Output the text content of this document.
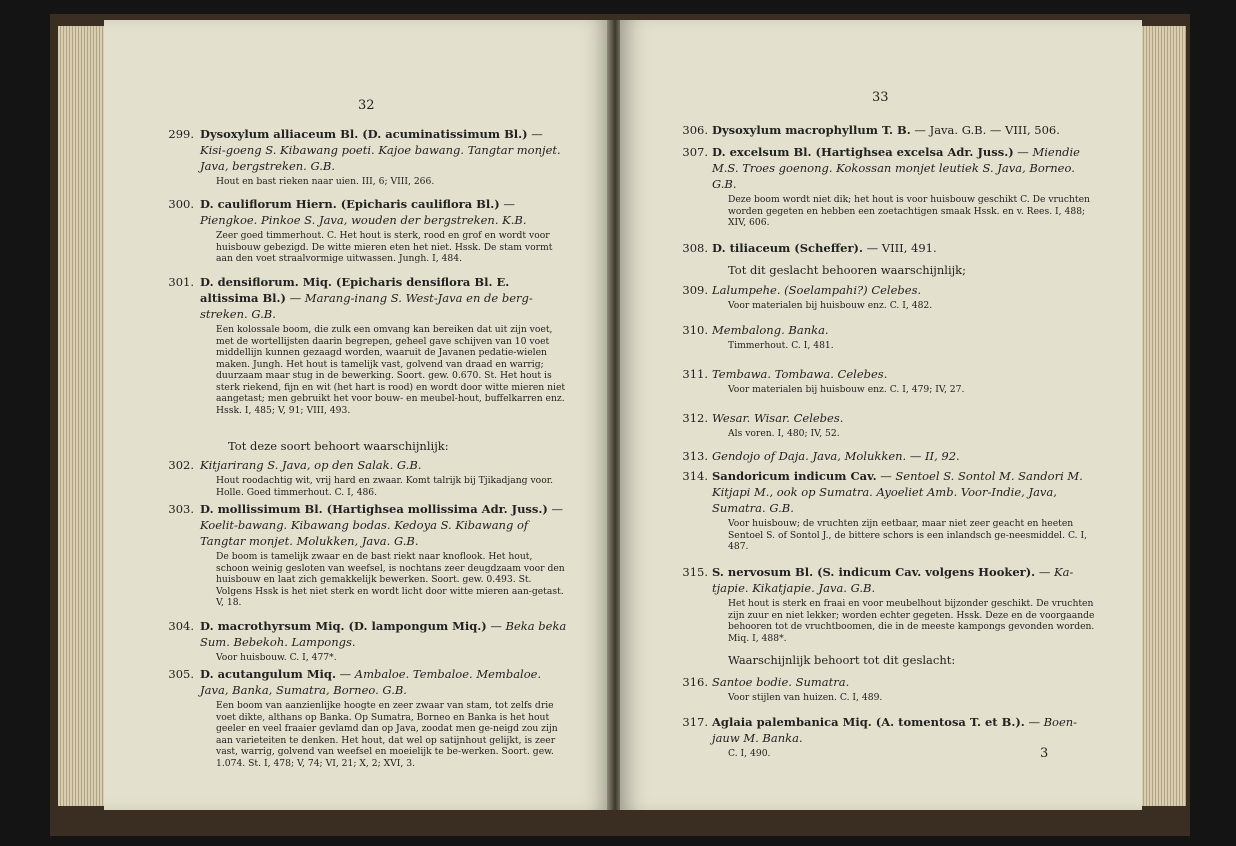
32
299. Dysoxylum alliaceum Bl. (D. acuminatissimum Bl.) — Kisi-goeng S. Kibawang poeti. Kajoe bawang. Tangtar monjet. Java, bergstreken. G.B.
Hout en bast rieken naar uien. III, 6; VIII, 266.
300. D. cauliflorum Hiern. (Epicharis cauliflora Bl.) — Piengkoe. Pinkoe S. Java, wouden der bergstreken. K.B.
Zeer goed timmerhout. C. Het hout is sterk, rood en grof en wordt voor huisbouw gebezigd. De witte mieren eten het niet. Hssk. De stam vormt aan den voet straalvormige uitwassen. Jungh. I, 484.
301. D. densiflorum. Miq. (Epicharis densiflora Bl. E. altissima Bl.) — Marang-inang S. West-Java en de berg-streken. G.B.
Een kolossale boom, die zulk een omvang kan bereiken dat uit zijn voet, met de wortellijsten daarin begrepen, geheel gave schijven van 10 voet middellijn kunnen gezaagd worden, waaruit de Javanen pedatie-wielen maken. Jungh. Het hout is tamelijk vast, golvend van draad en warrig; duurzaam maar stug in de bewerking. Soort. gew. 0.670. St. Het hout is sterk riekend, fijn en wit (het hart is rood) en wordt door witte mieren niet aangetast; men gebruikt het voor bouw- en meubel-hout, buffelkarren enz. Hssk. I, 485; V, 91; VIII, 493.
Tot deze soort behoort waarschijnlijk:
302. Kitjarirang S. Java, op den Salak. G.B.
Hout roodachtig wit, vrij hard en zwaar. Komt talrijk bij Tjikadjang voor. Holle. Goed timmerhout. C. I, 486.
303. D. mollissimum Bl. (Hartighsea mollissima Adr. Juss.) — Koelit-bawang. Kibawang bodas. Kedoya S. Kibawang of Tangtar monjet. Molukken, Java. G.B.
De boom is tamelijk zwaar en de bast riekt naar knoflook. Het hout, schoon weinig gesloten van weefsel, is nochtans zeer deugdzaam voor den huisbouw en laat zich gemakkelijk bewerken. Soort. gew. 0.493. St. Volgens Hssk is het niet sterk en wordt licht door witte mieren aan-getast. V, 18.
304. D. macrothyrsum Miq. (D. lampongum Miq.) — Beka beka Sum. Bebekoh. Lampongs.
Voor huisbouw. C. I, 477*.
305. D. acutangulum Miq. — Ambaloe. Tembaloe. Membaloe. Java, Banka, Sumatra, Borneo. G.B.
Een boom van aanzienlijke hoogte en zeer zwaar van stam, tot zelfs drie voet dikte, althans op Banka. Op Sumatra, Borneo en Banka is het hout geeler en veel fraaier gevlamd dan op Java, zoodat men ge-neigd zou zijn aan varieteiten te denken. Het hout, dat wel op satijnhout gelijkt, is zeer vast, warrig, golvend van weefsel en moeielijk te be-werken. Soort. gew. 1.074. St. I, 478; V, 74; VI, 21; X, 2; XVI, 3.
33
306. Dysoxylum macrophyllum T. B. — Java. G.B. — VIII, 506.
307. D. excelsum Bl. (Hartighsea excelsa Adr. Juss.) — Miendie M.S. Troes goenong. Kokossan monjet leutiek S. Java, Borneo. G.B.
Deze boom wordt niet dik; het hout is voor huisbouw geschikt C. De vruchten worden gegeten en hebben een zoetachtigen smaak Hssk. en v. Rees. I, 488; XIV, 606.
308. D. tiliaceum (Scheffer). — VIII, 491.
Tot dit geslacht behooren waarschijnlijk;
309. Lalumpehe. (Soelampahi?) Celebes.
Voor materialen bij huisbouw enz. C. I, 482.
310. Membalong. Banka.
Timmerhout. C. I, 481.
311. Tembawa. Tombawa. Celebes.
Voor materialen bij huisbouw enz. C. I, 479; IV, 27.
312. Wesar. Wisar. Celebes.
Als voren. I, 480; IV, 52.
313. Gendojo of Daja. Java, Molukken. — II, 92.
314. Sandoricum indicum Cav. — Sentoel S. Sontol M. Sandori M. Kitjapi M., ook op Sumatra. Ayoeliet Amb. Voor-Indie, Java, Sumatra. G.B.
Voor huisbouw; de vruchten zijn eetbaar, maar niet zeer geacht en heeten Sentoel S. of Sontol J., de bittere schors is een inlandsch ge-neesmiddel. C. I, 487.
315. S. nervosum Bl. (S. indicum Cav. volgens Hooker). — Ka-tjapie. Kikatjapie. Java. G.B.
Het hout is sterk en fraai en voor meubelhout bijzonder geschikt. De vruchten zijn zuur en niet lekker; worden echter gegeten. Hssk. Deze en de voorgaande behooren tot de vruchtboomen, die in de meeste kampongs gevonden worden. Miq. I, 488*.
Waarschijnlijk behoort tot dit geslacht:
316. Santoe bodie. Sumatra.
Voor stijlen van huizen. C. I, 489.
317. Aglaia palembanica Miq. (A. tomentosa T. et B.). — Boen-jauw M. Banka.
C. I, 490.	3
